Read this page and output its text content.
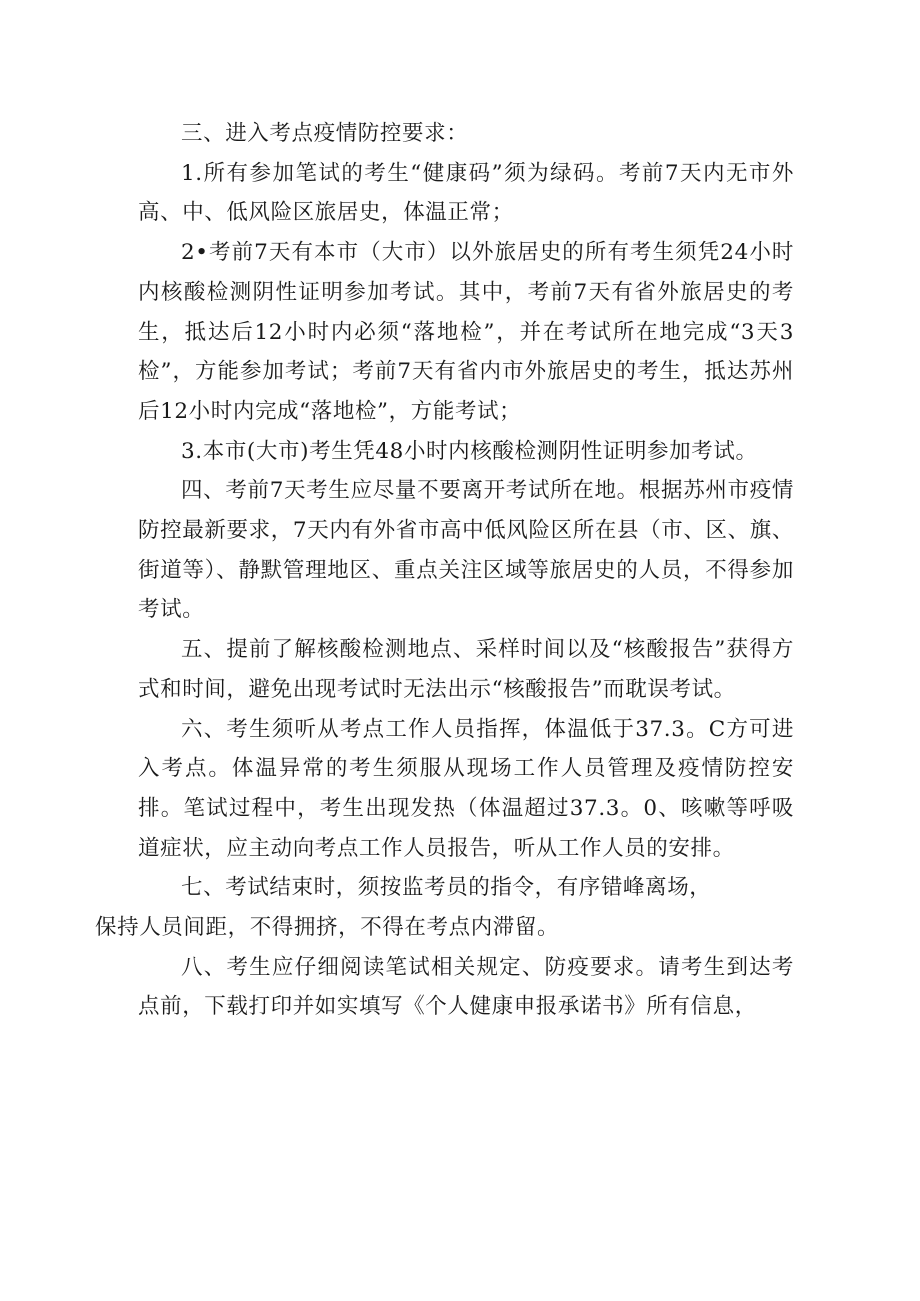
三、进入考点疫情防控要求：

1.所有参加笔试的考生“健康码”须为绿码。考前7天内无市外高、中、低风险区旅居史，体温正常；

2•考前7天有本市（大市）以外旅居史的所有考生须凭24小时内核酸检测阴性证明参加考试。其中，考前7天有省外旅居史的考生，抵达后12小时内必须“落地检”，并在考试所在地完成“3天3检”，方能参加考试；考前7天有省内市外旅居史的考生，抵达苏州后12小时内完成“落地检”，方能考试；

3.本市(大市)考生凭48小时内核酸检测阴性证明参加考试。

四、考前7天考生应尽量不要离开考试所在地。根据苏州市疫情防控最新要求，7天内有外省市高中低风险区所在县（市、区、旗、街道等）、静默管理地区、重点关注区域等旅居史的人员，不得参加考试。

五、提前了解核酸检测地点、采样时间以及“核酸报告”获得方式和时间，避免出现考试时无法出示“核酸报告”而耽误考试。

六、考生须听从考点工作人员指挥，体温低于37.3。C方可进入考点。体温异常的考生须服从现场工作人员管理及疫情防控安排。笔试过程中，考生出现发热（体温超过37.3。0、咳嗽等呼吸道症状，应主动向考点工作人员报告，听从工作人员的安排。

七、考试结束时，须按监考员的指令，有序错峰离场，
保持人员间距，不得拥挤，不得在考点内滞留。

八、考生应仔细阅读笔试相关规定、防疫要求。请考生到达考点前，下载打印并如实填写《个人健康申报承诺书》所有信息，
